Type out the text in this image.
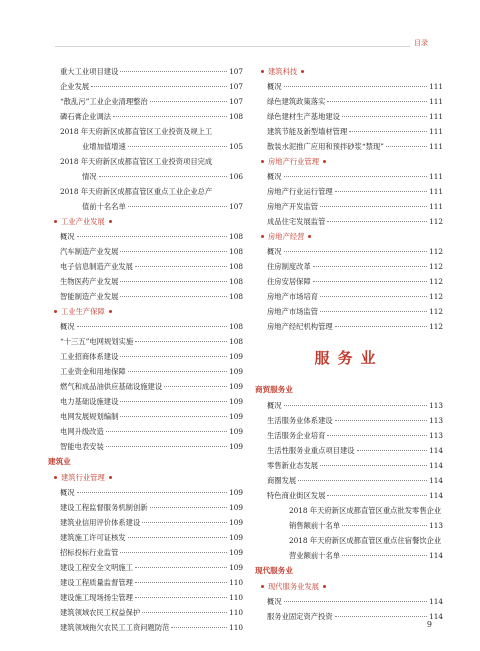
目录
重大工业项目建设	107
企业发展	107
“散乱污”工业企业清理整治	107
磷石膏企业调法	108
2018 年天府新区成都直管区工业投资及规上工
业增加值增速	105
2018 年天府新区成都直管区工业投资项目完成
情况	106
2018 年天府新区成都直管区重点工业企业总产
值前十名名单	107
工业产业发展
概况	108
汽车制造产业发展	108
电子信息制造产业发展	108
生物医药产业发展	108
智能制造产业发展	108
工业生产保障
概况	108
“十三五”电网规划实施	108
工业招商体系建设	109
工业资金和用地保障	109
燃气和成品油供应基础设施建设	109
电力基础设施建设	109
电网发展规划编制	109
电网升级改造	109
智能电表安装	109
建筑业
建筑行业管理
概况	109
建设工程监督服务机制创新	109
建筑业信用评价体系建设	109
建筑施工许可证核发	109
招标投标行业监管	109
建设工程安全文明施工	109
建设工程质量监督管理	110
建设施工现场扬尘管理	110
建筑领域农民工权益保护	110
建筑领域拖欠农民工工资问题防范	110
建筑科技
概况	111
绿色建筑政策落实	111
绿色建材生产基地建设	111
建筑节能及新型墙材管理	111
散装水泥推广应用和预拌砂浆“禁现”	111
房地产行业管理
概况	111
房地产行业运行管理	111
房地产开发监管	111
成品住宅发展监管	112
房地产经营
概况	112
住房制度改革	112
住房安居保障	112
房地产市场培育	112
房地产市场监管	112
房地产经纪机构管理	112
服务业
商贸服务业
概况	113
生活服务业体系建设	113
生活服务企业培育	113
生活性服务业重点项目建设	114
零售新业态发展	114
商圈发展	114
特色商业街区发展	114
2018 年天府新区成都直管区重点批发零售企业
销售额前十名单	113
2018 年天府新区成都直管区重点住宿餐饮企业
营业额前十名单	114
现代服务业
现代服务业发展
概况	114
服务业固定资产投资	114
9
